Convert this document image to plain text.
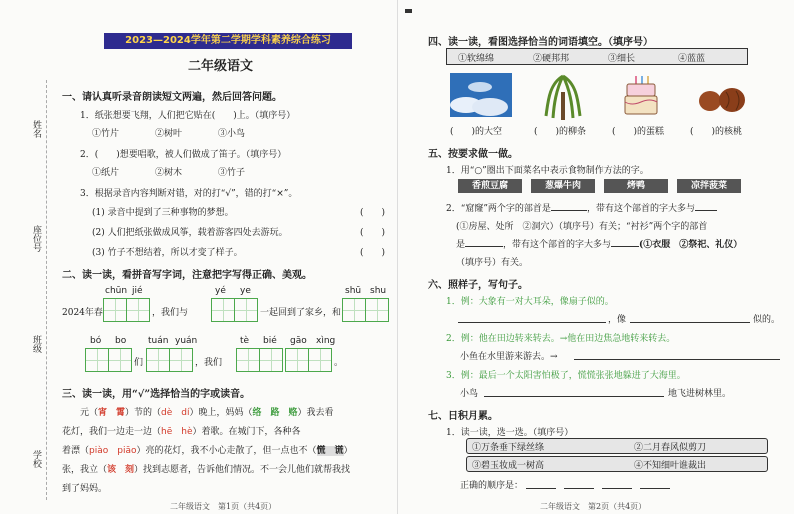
2023—2024学年第二学期学科素养综合练习
二年级语文
姓名
座位号
班级
学校
一、请认真听录音朗读短文两遍，然后回答问题。
1．纸张想要飞翔，人们把它贴在(　　)上。（填序号）
①竹片　　　　②树叶　　　　③小鸟
2．(　　)想要唱歌，被人们做成了笛子。（填序号）
①纸片　　　　②树木　　　　③竹子
3．根据录音内容判断对错，对的打“√”，错的打“×”。
(1) 录音中提到了三种事物的梦想。	(　　)
(2) 人们把纸张做成风筝，载着游客四处去游玩。	(　　)
(3) 竹子不想结着，所以才变了样子。	(　　)
二、读一读，看拼音写字词，注意把字写得正确、美观。
chūn jié	yé ye	shū shu
2024年春	，我们与	一起回到了家乡，和
bó bo tuán yuán	tè bié gāo xìng
们	，我们	。
三、读一读，用“√”选择恰当的字或读音。
元（宵　霄）节的（dè　dí）晚上，妈妈（络　路　赂）我去看
花灯，我们一边走一边（hē　hè）着歌。在城门下，各种各
着漂（piào　piāo）亮的花灯，我不小心走散了，但一点也不（慌　谎）
张，我立（该　刻）找到志愿者，告诉他们情况。不一会儿他们就帮我找
到了妈妈。
二年级语文　第1页（共4页）
四、读一读，看图选择恰当的词语填空。（填序号）
①软绵绵	②硬邦邦	③细长	④蓝蓝
(　　)的大空	(　　)的柳条	(　　)的蛋糕	(　　)的核桃
五、按要求做一做。
1．用“○”圈出下面菜名中表示食物制作方法的字。
香煎豆腐	葱爆牛肉	烤鸭	凉拌菠菜
2．“窟窿”两个字的部首是	，带有这个部首的字大多与
(①房屋、处所　②洞穴）（填序号）有关；“衬衫”两个字的部首
是	，带有这个部首的字大多与	(①衣服　②祭祀、礼仪）
（填序号）有关。
六、照样子，写句子。
1．例：大象有一对大耳朵，像扇子似的。
，像	似的。
2．例：他在田边转来转去。→他在田边焦急地转来转去。
小鱼在水里游来游去。→
3．例：最后一个太阳害怕极了，慌慌张张地躲进了大海里。
小鸟	地飞进树林里。
七、日积月累。
1．读一读，选一选。（填序号）
①万条垂下绿丝绦	②二月春风似剪刀
③碧玉妆成一树高	④不知细叶谁裁出
正确的顺序是：
二年级语文　第2页（共4页）
